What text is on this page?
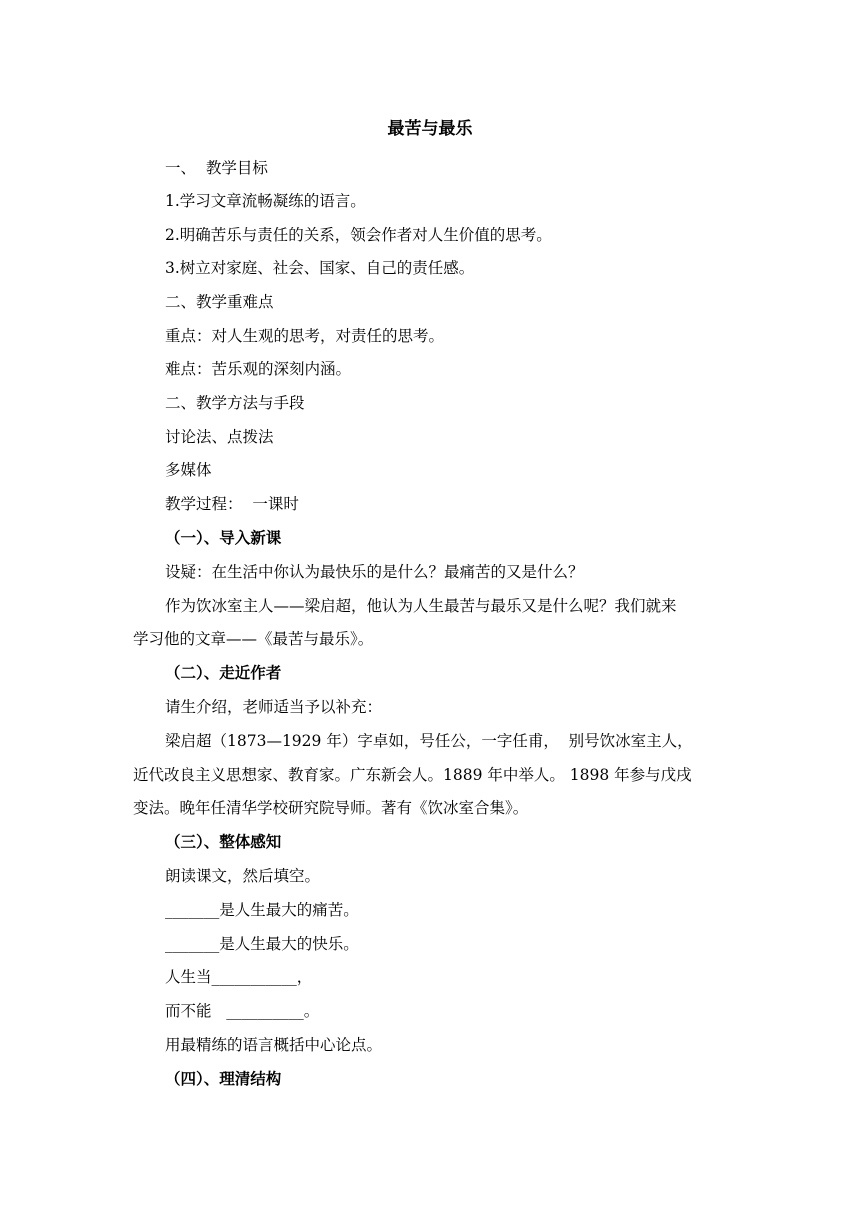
最苦与最乐
一、  教学目标
1.学习文章流畅凝练的语言。
2.明确苦乐与责任的关系，领会作者对人生价值的思考。
3.树立对家庭、社会、国家、自己的责任感。
二、教学重难点
重点：对人生观的思考，对责任的思考。
难点：苦乐观的深刻内涵。
二、教学方法与手段
讨论法、点拨法
多媒体
教学过程：  一课时
（一）、导入新课
设疑：在生活中你认为最快乐的是什么？最痛苦的又是什么？
作为饮冰室主人——梁启超，他认为人生最苦与最乐又是什么呢？我们就来
学习他的文章——《最苦与最乐》。
（二）、走近作者
请生介绍，老师适当予以补充：
梁启超（1873—1929 年）字卓如，号任公，一字任甫，  别号饮冰室主人，
近代改良主义思想家、教育家。广东新会人。1889 年中举人。 1898 年参与戊戌
变法。晚年任清华学校研究院导师。著有《饮冰室合集》。
（三）、整体感知
朗读课文，然后填空。
_______是人生最大的痛苦。
_______是人生最大的快乐。
人生当___________，
而不能   __________。
用最精练的语言概括中心论点。
（四）、理清结构
